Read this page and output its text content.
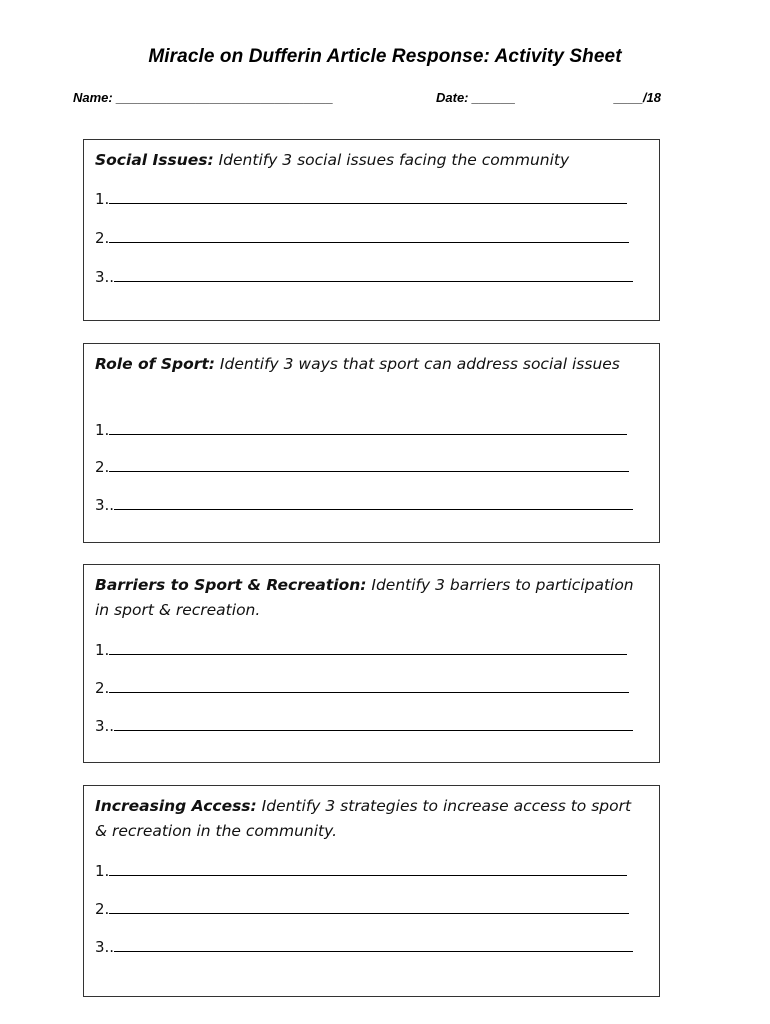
Miracle on Dufferin Article Response: Activity Sheet
Name: ______________________________	Date: ______	____/18
Social Issues: Identify 3 social issues facing the community
1.
2.
3..
Role of Sport: Identify 3 ways that sport can address social issues
1.
2.
3..
Barriers to Sport & Recreation: Identify 3 barriers to participation in sport & recreation.
1.
2.
3..
Increasing Access: Identify 3 strategies to increase access to sport & recreation in the community.
1.
2.
3..
